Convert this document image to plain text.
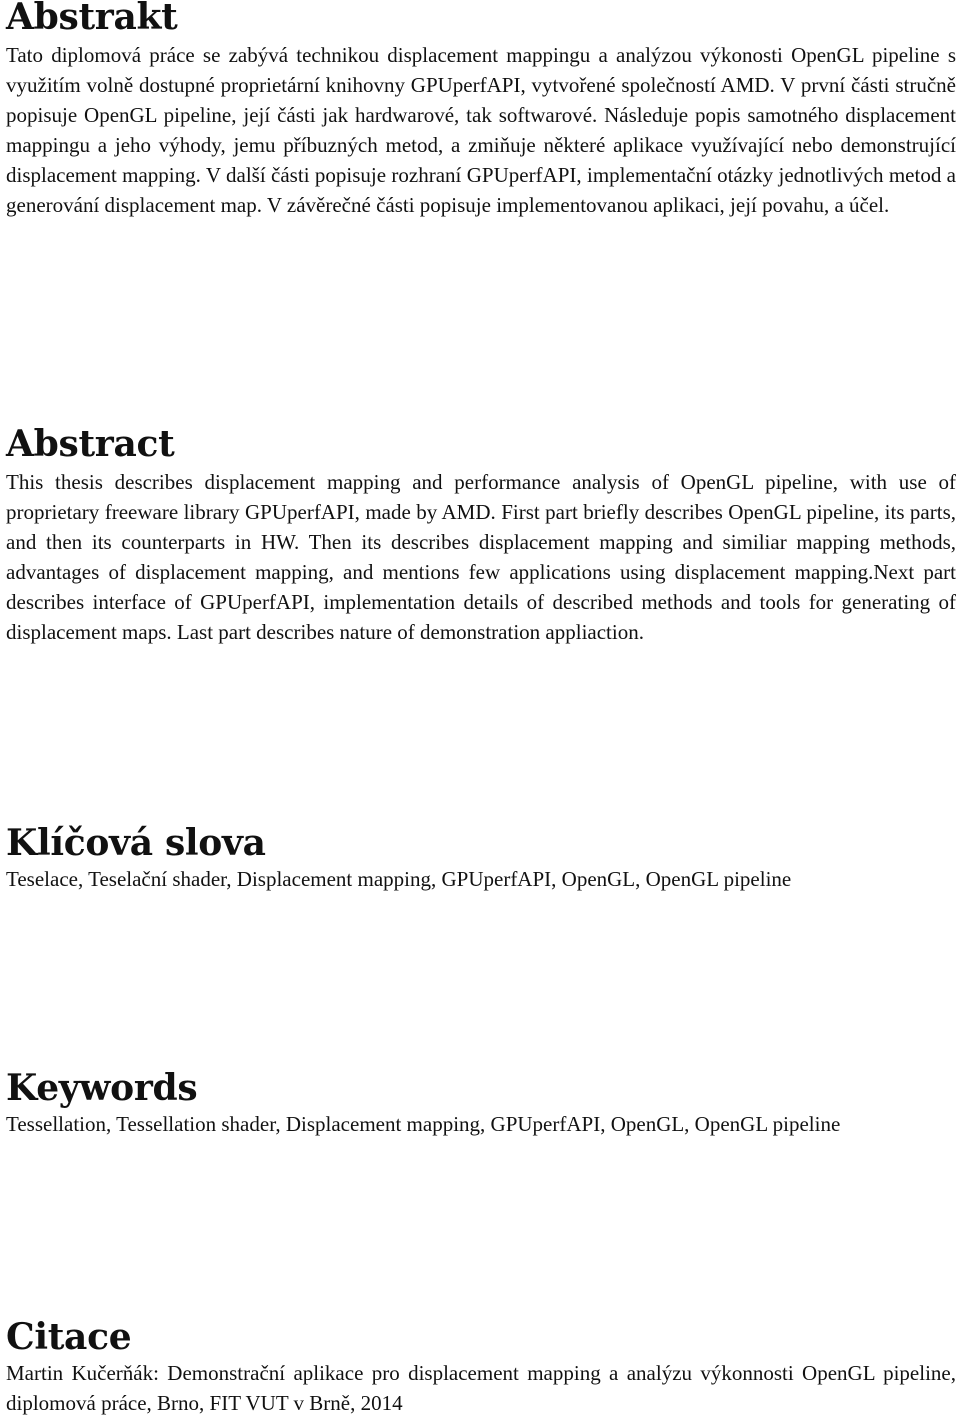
Abstrakt

Tato diplomová práce se zabývá technikou displacement mappingu a analýzou výkonosti OpenGL pipeline s využitím volně dostupné proprietární knihovny GPUperfAPI, vytvořené společností AMD. V první části stručně popisuje OpenGL pipeline, její části jak hardwarové, tak softwarové. Následuje popis samotného displacement mappingu a jeho výhody, jemu příbuzných metod, a zmiňuje některé aplikace využívající nebo demonstrující displacement mapping. V další části popisuje rozhraní GPUperfAPI, implementační otázky jednotlivých metod a generování displacement map. V závěrečné části popisuje implementovanou aplikaci, její povahu, a účel.

Abstract

This thesis describes displacement mapping and performance analysis of OpenGL pipeline, with use of proprietary freeware library GPUperfAPI, made by AMD. First part briefly describes OpenGL pipeline, its parts, and then its counterparts in HW. Then its describes displacement mapping and similiar mapping methods, advantages of displacement mapping, and mentions few applications using displacement mapping.Next part describes interface of GPUperfAPI, implementation details of described methods and tools for generating of displacement maps. Last part describes nature of demonstration appliaction.

Klíčová slova

Teselace, Teselační shader, Displacement mapping, GPUperfAPI, OpenGL, OpenGL pipeline

Keywords

Tessellation, Tessellation shader, Displacement mapping, GPUperfAPI, OpenGL, OpenGL pipeline

Citace

Martin Kučerňák: Demonstrační aplikace pro displacement mapping a analýzu výkonnosti OpenGL pipeline, diplomová práce, Brno, FIT VUT v Brně, 2014
